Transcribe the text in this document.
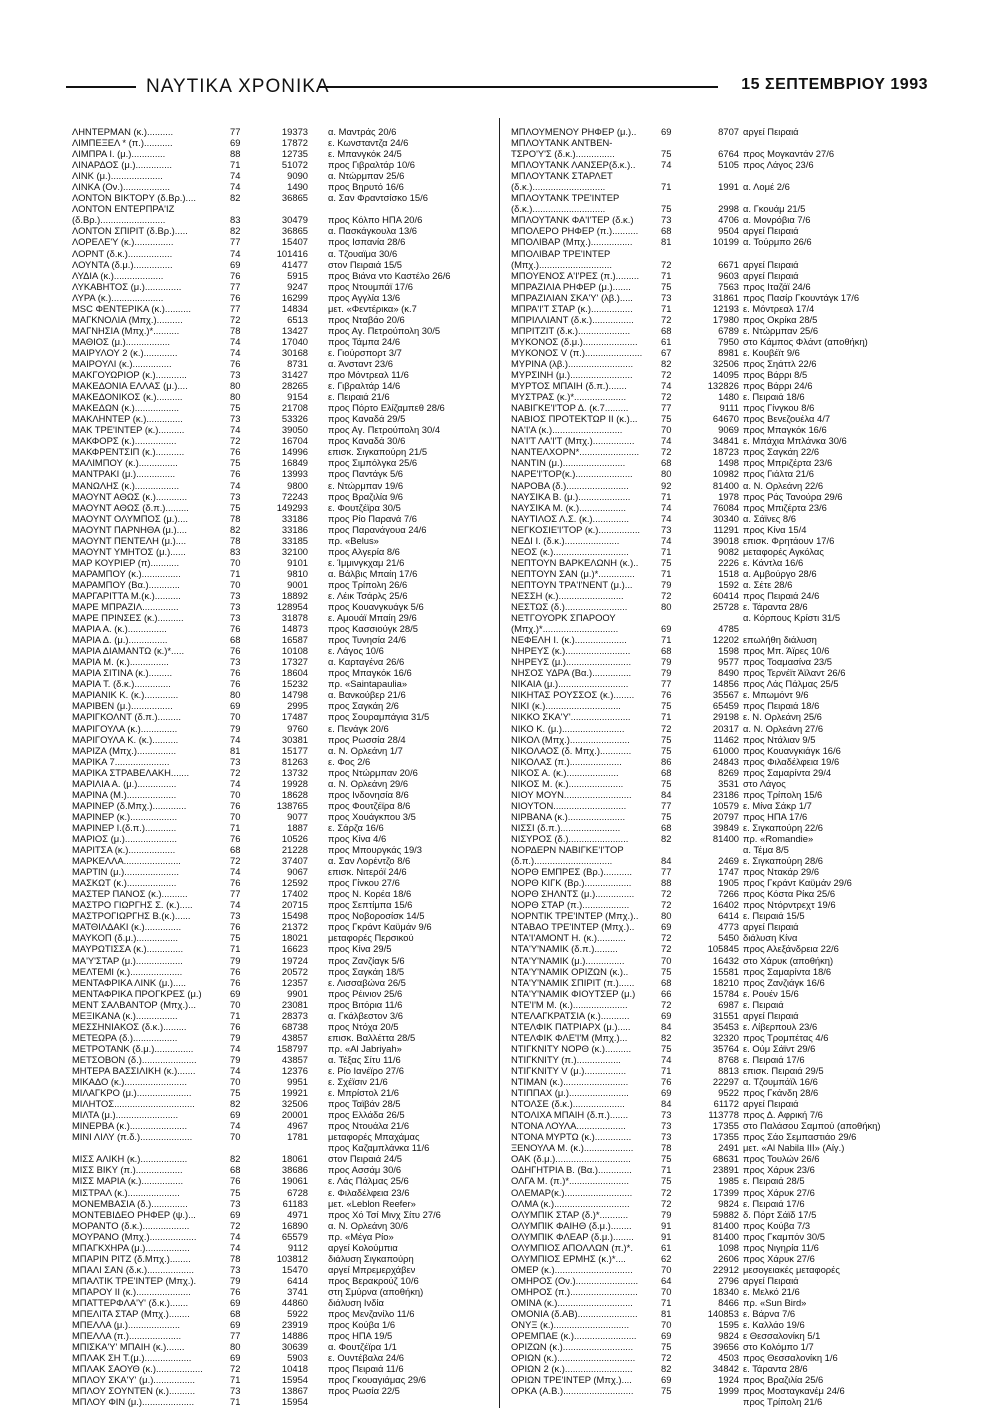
ΝΑΥΤΙΚΑ ΧΡΟΝΙΚΑ	15 ΣΕΠΤΕΜΒΡΙΟΥ 1993
ΛΗΝΤΕΡΜΑΝ (κ.)..........	77	19373 α. Μαντράς 20/6
ΛΙΜΠΕΞΕΛ * (π.)...........	69	17872 ε. Κωνσταντζα 24/6
ΛΙΜΠΡΑ Ι. (μ.).............	88	12735 ε. Μπανγκόκ 24/5
ΛΙΝΑΡΔΟΣ (μ.)..............	71	51072 προς Γιβραλτάρ 10/6
ΛΙΝΚ (μ.)....................	74	9090 α. Ντώρμπαν 25/6
ΛΙΝΚΑ (Ον.)..................	74	1490 προς Βηρυτό 16/6
ΛΟΝΤΟΝ ΒΙΚΤΟΡΥ (δ.Βρ.)....	82	36865 α. Σαν Φραντσίσκο 15/6
ΛΟΝΤΟΝ ΕΝΤΕΡΠΡΑ'ΙΖ
(δ.Βρ.).........................	83	30479 προς Κόλπο ΗΠΑ 20/6
ΛΟΝΤΟΝ ΣΠΙΡΙΤ (δ.Βρ.).....	82	36865 α. Πασκάγκουλα 13/6
ΛΟΡΕΛΕ'Υ (κ.)...............	77	15407 προς Ισπανία 28/6
ΛΟΡΝΤ (δ.κ.).................	74	101416 α. Τζουαϊμα 30/6
ΛΟΥΝΤΑ (δ.μ.)...............	69	41477 στον Πειραιά 15/5
ΛΥΔΙΑ (κ.)...................	76	5915 προς Βιάνα ντο Καστέλο 26/6
ΛΥΚΑΒΗΤΟΣ (μ.)..............	77	9247 προς Ντουμπάϊ 17/6
ΛΥΡΑ (κ.)....................	76	16299 προς Αγγλία 13/6
MSC ΦΕΝΤΕΡΙΚΑ (κ.)..........	77	14834 μετ. «Φεντέρικα» (κ.7
ΜΑΓΚΝΟΛΙΑ (Μπχ.)..........	72	6513 προς Νταβάο 20/6
ΜΑΓΝΗΣΙΑ (Μπχ.)*..........	78	13427 προς Αγ. Πετρούπολη 30/5
ΜΑΘΙΟΣ (μ.).................	74	17040 προς Τάμπα 24/6
ΜΑΙΡΥΛΟΥ 2 (κ.).............	74	30168 ε. Γιούρσπορτ 3/7
ΜΑΙΡΟΥΛΙ (κ.)...............	76	8731 α. Άνσταντ 23/6
ΜΑΚΓΟΥΩΡΙΟΡ (κ.)............	73	31427 προ Μόντρεαλ 11/6
ΜΑΚΕΔΟΝΙΑ ΕΛΛΑΣ (μ.)....	80	28265 ε. Γιβραλτάρ 14/6
ΜΑΚΕΔΟΝΙΚΟΣ (κ.)..........	80	9154 ε. Πειραιά 21/6
ΜΑΚΕΔΩΝ (κ.).................	75	21708 προς Πόρτο Ελίζαμπεθ 28/6
ΜΑΚΛΗΝΤΕΡ (κ.)..............	73	53326 προς Καναδά 29/5
ΜΑΚ ΤΡΕ'ΙΝΤΕΡ (κ.)..........	74	39050 προς Αγ. Πετρούπολη 30/4
ΜΑΚΦΟΡΣ (κ.)................	72	16704 προς Καναδά 30/6
ΜΑΚΦΡΕΝΤΣΙΠ (κ.)...........	76	14996 επισκ. Σιγκαπούρη 21/5
ΜΑΛΙΜΠΟΥ (κ.)...............	75	16849 προς Σιμπόλγκα 25/6
ΜΑΝΤΡΑΚΙ (μ.)...............	76	13993 προς Παντάγκ 5/6
ΜΑΝΩΛΗΣ (κ.).................	74	9800 ε. Ντώρμπαν 19/6
ΜΑΟΥΝΤ ΑΘΩΣ (κ.)............	73	72243 προς Βραζιλία 9/6
ΜΑΟΥΝΤ ΑΘΩΣ (δ.π.).........	75	149293 ε. Φουτζέϊρα 30/5
ΜΑΟΥΝΤ ΟΛΥΜΠΟΣ (μ.)....	78	33186 προς Ρίο Παρανά 7/6
ΜΑΟΥΝΤ ΠΑΡΝΗΘΑ (μ.)....	82	33186 προς Παρανάγουα 24/6
ΜΑΟΥΝΤ ΠΕΝΤΕΛΗ (μ.)....	78	33185 πρ. «Belus»
ΜΑΟΥΝΤ ΥΜΗΤΟΣ (μ.)......	83	32100 προς Αλγερία 8/6
ΜΑΡ ΚΟΥΡΙΕΡ (π)...........	70	9101 ε. Ίμμινγκχαμ 21/6
ΜΑΡΑΜΠΟΥ (κ.)...............	71	9810 α. Βάλβις Μπαίη 17/6
ΜΑΡΑΜΠΟΥ (Βα.)............	70	9001 προς Τρίπολη 26/6
ΜΑΡΓΑΡΙΤΤΑ Μ.(κ.)..........	73	18892 ε. Λέικ Τσάρλς 25/6
ΜΑΡΕ ΜΠΡΑΖΙΛ..............	73	128954 προς Κουανγκυάγκ 5/6
ΜΑΡΕ ΠΡΙΝΣΕΣ (κ.)..........	73	31878 ε. Αμουάϊ Μπαίη 29/6
ΜΑΡΙΑ Α. (κ.)...............	76	14873 προς Κασσιούγκ 28/5
ΜΑΡΙΑ Δ. (μ.)...............	68	16587 προς Τυνησία 24/6
ΜΑΡΙΑ ΔΙΑΜΑΝΤΩ (κ.)*.....	76	10108 ε. Λάγος 10/6
ΜΑΡΙΑ Μ. (κ.)...............	73	17327 α. Καρταγένα 26/6
ΜΑΡΙΑ ΣΙΤΙΝΑ (κ.).........	76	18604 προς Μπαγκόκ 16/6
ΜΑΡΙΑ Τ. (δ.κ.)..............	76	15232 πρ. «Saintapaulia»
ΜΑΡΙΑΝΙΚ Κ. (κ.).............	80	14798 α. Βανκούβερ 21/6
ΜΑΡΙΒΕΝ (μ.)................	69	2995 προς Σαγκάη 2/6
ΜΑΡΙΓΚΟΛΝΤ (δ.π.).........	70	17487 προς Σουραμπάγια 31/5
ΜΑΡΙΓΟΥΛΑ (κ.)..............	79	9760 ε. Πενάγκ 20/6
ΜΑΡΙΓΟΥΛΑ Κ. (κ.)..........	74	30381 προς Ρωσσία 28/4
ΜΑΡΙΖΑ (Μπχ.)...............	81	15177 α. Ν. Ορλεάνη 1/7
ΜΑΡΙΚΑ 7.....................	73	81263 ε. Φος 2/6
ΜΑΡΙΚΑ ΣΤΡΑΒΕΛΑΚΗ.......	72	13732 προς Ντώρμπαν 20/6
ΜΑΡΙΛΙΑ Α. (μ.)...............	74	19928 α. Ν. Ορλεάνη 29/6
ΜΑΡΙΝΑ (Μ.)...................	70	18628 προς Ινδονησία 8/6
ΜΑΡΙΝΕΡ (δ.Μπχ.).............	76	138765 προς Φουτζέϊρα 8/6
ΜΑΡΙΝΕΡ (κ.)..................	70	9077 προς Χουάγκπου 3/5
ΜΑΡΙΝΕΡ Ι.(δ.π.)............	71	1887 ε. Σάρζα 16/6
ΜΑΡΙΟΣ (μ.)....................	76	10526 προς Κίνα 4/6
ΜΑΡΙΤΣΑ (κ.)..................	68	21228 προς Μπουργκάς 19/3
ΜΑΡΚΕΛΛΑ......................	72	37407 α. Σαν Λορέντζο 8/6
ΜΑΡΤΙΝ (μ.).....................	74	9067 επισκ. Νιτερόϊ 24/6
ΜΑΣΚΩΤ (κ.)...................	76	12592 προς Γίνκου 27/6
ΜΑΣΤΕΡ ΠΑΝΟΣ (κ.)..........	77	17402 προς Ν. Κορέα 18/6
ΜΑΣΤΡΟ ΓΙΩΡΓΗΣ Σ. (κ.).....	74	20715 προς Σεπτίμπα 15/6
ΜΑΣΤΡΟΓΙΩΡΓΗΣ Β.(κ.)......	73	15498 προς Νοβοροσίσκ 14/5
ΜΑΤΘΙΛΔΑΚΙ (κ.)..............	76	21372 προς Γκράντ Καϋμάν 9/6
ΜΑΥΚΟΠ (δ.μ.)................	75	18021 μεταφορές Περσικού
ΜΑΥΡΩΤΙΣΣΑ (κ.)..............	71	16623 προς Κίνα 29/5
ΜΑ'Υ'ΣΤΑΡ (μ.)..................	79	19724 προς Ζανζίαγκ 5/6
ΜΕΛΤΕΜΙ (κ.)....................	76	20572 προς Σαγκάη 18/5
ΜΕΝΤΑΦΡΙΚΑ ΛΙΝΚ (μ.).....	76	12357 ε. Λισσαβώνα 26/5
ΜΕΝΤΑΦΡΙΚΑ ΠΡΟΓΚΡΕΣ (μ.)	69	9901 προς Ρέινιον 25/6
ΜΕΝΤ ΣΑΛΒΑΝΤΟΡ (Μπχ.)...	70	23081 προς Βιτόρια 11/6
ΜΕΞΙΚΑΝΑ (κ.)................	71	28373 α. Γκάλβεστον 3/6
ΜΕΣΣΗΝΙΑΚΟΣ (δ.κ.).........	76	68738 προς Ντόχα 20/5
ΜΕΤΕΩΡΑ (δ.).................	79	43857 επισκ. Βαλλέττα 28/5
ΜΕΤΡΟΤΑΝΚ (δ.μ.)...............	74	158797 πρ. «Al Jabriyah»
ΜΕΤΣΟΒΟΝ (δ.).....................	79	43857 α. Τέξας Σίτυ 11/6
ΜΗΤΕΡΑ ΒΑΣΣΙΛΙΚΗ (κ.).......	74	12376 ε. Ρίο Ιανέϊρο 27/6
ΜΙΚΑΔΟ (κ.)........................	70	9951 ε. Σχέϊσιν 21/6
ΜΙΛΑΓΚΡΟ (μ.).....................	75	19921 ε. Μπρίστολ 21/6
ΜΙΛΗΤΟΣ...............................	82	32506 προς Ταϊβάν 28/5
ΜΙΛΤΑ (μ.)........................	69	20001 προς Ελλάδα 26/5
ΜΙΝΕΡΒΑ (κ.)......................	74	4967 προς Ντουάλα 21/6
ΜΙΝΙ ΛΙΛΥ (π.δ.)....................	70	1781 μεταφορές Μπαχάμας
προς Καζαμπλάνκα 11/6
ΜΙΣΣ ΑΛΙΚΗ (κ.)..................	82	18061 στον Πειραιά 24/5
ΜΙΣΣ ΒΙΚΥ (π.)..................	68	38686 προς Ασσάμ 30/6
ΜΙΣΣ ΜΑΡΙΑ (κ.)................	76	19061 ε. Λάς Πάλμας 25/6
ΜΙΣΤΡΑΛ (κ.)....................	75	6728 ε. Φιλαδέλφεια 23/6
ΜΟΝΕΜΒΑΣΙΑ (δ.)..............	73	61183 μετ. «Leblon Reefer»
ΜΟΝΤΕΒΙΔΕΟ ΡΗΦΕΡ (ψ.)...	69	4971 προς Χό Τσί Μινχ Σίτυ 27/6
ΜΟΡΑΝΤΟ (δ.κ.)..................	72	16890 α. Ν. Ορλεάνη 30/6
ΜΟΥΡΑΝΟ (Μπχ.)..................	74	65579 πρ. «Μέγα Ρίο»
ΜΠΑΓΚΧΗΡΑ (μ.).................	74	9112 αργεί Κολούμπια
ΜΠΑΡΙΝ ΡΙΤΖ (δ.Μπχ.)........	78	103812 διάλυση Σιγκαπούρη
ΜΠΑΛΙ ΣΑΝ (δ.κ.)..................	73	15470 αργεί Μπρεμερχάβεν
ΜΠΑΛΤΙΚ ΤΡΕ'ΙΝΤΕΡ (Μπχ.).	79	6414 προς Βερακρούζ 10/6
ΜΠΑΡΟΥ ΙΙ (κ.).....................	76	3741 στη Σμύρνα (αποθήκη)
ΜΠΑΤΤΕΡΦΛΑ'Υ' (δ.κ.).......	69	44860 διάλυση Ινδία
ΜΠΕΛΙΤΑ ΣΤΑΡ (Μπχ.)........	68	5922 προς Μενζανίλο 11/6
ΜΠΕΛΛΑ (μ.)....................	69	23919 προς Κούβα 1/6
ΜΠΕΛΛΑ (π.)....................	77	14886 προς ΗΠΑ 19/5
ΜΠΙΣΚΑ'Υ' ΜΠΑΙΗ (κ.).......	80	30639 α. Φουτζέϊρα 1/1
ΜΠΛΑΚ ΣΗ Τ.(μ.)..................	69	5903 ε. Ουντέβαλα 24/6
ΜΠΛΑΚ ΣΑΟΥΘ (κ.)..................	72	10418 προς Πειραιά 11/6
ΜΠΛΟΥ ΣΚΑ'Υ' (μ.)................	71	15954 προς Γκουαγιάμας 29/6
ΜΠΛΟΥ ΣΟΥΝΤΕΝ (κ.)..........	73	13867 προς Ρωσία 22/5
ΜΠΛΟΥ ΦΙΝ (μ.)....................	71	15954
ΜΠΛΟΥΜΕΝΟΥ ΡΗΦΕΡ (μ.)..	69	8707 αργεί Πειραιά
ΜΠΛΟΥΤΑΝΚ ΑΝΤΒΕΝ-
ΤΣΡΟ'Υ'Σ (δ.κ.)...............	75	6764 προς Μογκαντάν 27/6
ΜΠΛΟΥΤΑΝΚ ΛΑΝΣΕΡ(δ.κ.)..	74	5105 προς Λάγος 23/6
ΜΠΛΟΥΤΑΝΚ ΣΤΑΡΛΕΤ
(δ.κ.)............................	71	1991 α. Λομέ 2/6
ΜΠΛΟΥΤΑΝΚ ΤΡΕ'ΙΝΤΕΡ
(δ.κ.)............................	75	2998 α. Γκουάμ 21/5
ΜΠΛΟΥΤΑΝΚ ΦΑ'Ι'ΤΕΡ (δ.κ.)	73	4706 α. Μονρόβια 7/6
ΜΠΟΛΕΡΟ ΡΗΦΕΡ (π.)..........	68	9504 αργεί Πειραιά
ΜΠΟΛΙΒΑΡ (Μπχ.)................	81	10199 α. Τούρμπο 26/6
ΜΠΟΛΙΒΑΡ ΤΡΕ'ΙΝΤΕΡ
(Μπχ.)............................	72	6671 αργεί Πειραιά
ΜΠΟΥΕΝΟΣ Α'Ι'ΡΕΣ (π.).........	71	9603 αργεί Πειραιά
ΜΠΡΑΖΙΛΙΑ ΡΗΦΕΡ (μ.).......	75	7563 προς Ιταζάϊ 24/6
ΜΠΡΑΖΙΛΙΑΝ ΣΚΑ'Υ' (λβ.).....	73	31861 προς Πασίρ Γκουντάγκ 17/6
ΜΠΡΑ'Ι'Τ ΣΤΑΡ (κ.)................	71	12193 ε. Μόντρεαλ 17/4
ΜΠΡΙΛΛΙΑΝΤ (δ.κ.)................	72	17980 προς Οκρίκα 28/5
ΜΠΡΙΤΖΙΤ (δ.κ.)....................	68	6789 ε. Ντώρμπαν 25/6
ΜΥΚΟΝΟΣ (δ.μ.).....................	61	7950 στο Κάμπος Φλάντ (αποθήκη)
ΜΥΚΟΝΟΣ V (π.)......................	67	8981 ε. Κουβέϊτ 9/6
ΜΥΡΙΝΑ (λβ.).........................	82	32506 προς Σηάττλ 22/6
ΜΥΡΣΙΝΗ (μ.)........................	72	14095 προς Βάρρι 8/5
ΜΥΡΤΟΣ ΜΠΑΙΗ (δ.π.).......	74	132826 προς Βάρρι 24/6
ΜΥΣΤΡΑΣ (κ.)*....................	72	1480 ε. Πειραιά 18/6
ΝΑΒΙΓΚΕ'Ι'ΤΟΡ Δ. (κ.7.........	77	9111 προς Γίνγκου 8/6
ΝΑΒΙΟΣ ΠΡΟΤΕΚΤΩΡ ΙΙ (κ.)...	75	64670 προς Βενεζουέλα 4/7
ΝΑ'Ι'Α (κ.)...........................	70	9069 προς Μπαγκόκ 16/6
ΝΑ'Ι'Τ ΛΑ'Ι'Τ (Μπχ.)................	74	34841 ε. Μπάχια Μπλάνκα 30/6
ΝΑΝΤΕΛΧΟΡΝ*.......................	72	18723 προς Σαγκάη 22/6
ΝΑΝΤΙΝ (μ.)........................	68	1498 προς Μπριζέρτα 23/6
ΝΑΡΕ'Ι'ΤΟΡ(κ.)......................	80	10982 προς Γιάλτα 21/6
ΝΑΡΟΒΑ (δ.)........................	92	81400 α. Ν. Ορλεάνη 22/6
ΝΑΥΣΙΚΑ Β. (μ.)....................	71	1978 προς Ράς Τανούρα 29/6
ΝΑΥΣΙΚΑ Μ. (κ.)..................	74	76084 προς Μπιζέρτα 23/6
ΝΑΥΤΙΛΟΣ Λ.Σ. (κ.)..............	74	30340 α. Σάϊνες 8/6
ΝΕΓΚΟΣΙΕ'Ι'ΤΟΡ (κ.)................	73	11291 προς Κίνα 15/4
ΝΕΔΙ Ι. (δ.κ.).....................	74	39018 επισκ. Φρητάουν 17/6
ΝΕΟΣ (κ.).............................	71	9082 μεταφορές Αγκόλας
ΝΕΠΤΟΥΝ ΒΑΡΚΕΛΩΝΗ (κ.)..	75	2226 ε. Κάντλα 16/6
ΝΕΠΤΟΥΝ ΣΑΝ (μ.)*..............	71	1518 α. Αμβούργο 28/6
ΝΕΠΤΟΥΝ ΤΡΑ'Ι'ΝΕΝΤ (μ.)...	79	1592 α. Σέτε 28/6
ΝΕΣΣΗ (κ.).........................	72	60414 προς Πειραιά 24/6
ΝΕΣΤΩΣ (δ.)........................	80	25728 ε. Τάραντα 28/6
ΝΕΤΓΟΥΟΡΚ ΣΠΑΡΟΟΥ	α. Κόρπους Κρίστι 31/5
(Μπχ.)*.............................	69	4785
ΝΕΦΕΛΗ Ι. (κ.)....................	71	12202 επωλήθη διάλυση
ΝΗΡΕΥΣ (κ.).........................	68	1598 προς Μπ. Άϊρες 10/6
ΝΗΡΕΥΣ (μ.).........................	79	9577 προς Τοαμασίνα 23/5
ΝΗΣΟΣ ΥΔΡΑ (Βα.)...............	79	8490 προς Τερνέϊτ Άϊλαντ 26/6
ΝΙΚΑΙΑ (μ.)...........................	77	14856 προς Λάς Πάλμας 25/5
ΝΙΚΗΤΑΣ ΡΟΥΣΣΟΣ (κ.)........	76	35567 ε. Μπωμόντ 9/6
ΝΙΚΙ (κ.).............................	75	65459 προς Πειραιά 18/6
ΝΙΚΚΟ ΣΚΑ'Υ'.......................	71	29198 ε. Ν. Ορλεάνη 25/6
ΝΙΚΟ Κ. (μ.)........................	72	20317 α. Ν. Ορλεάνη 27/6
ΝΙΚΟΛ (Μπχ.).......................	75	11462 προς Ντάλιαν 9/5
ΝΙΚΟΛΑΟΣ (δ. Μπχ.)............	75	61000 προς Κουανγκιάγκ 16/6
ΝΙΚΟΛΑΣ (π.)....................	86	24843 προς Φιλαδέλφεια 19/6
ΝΙΚΟΣ Α. (κ.)....................	68	8269 προς Σαμαρίντα 29/4
ΝΙΚΟΣ Μ. (κ.).....................	75	3531 στο Λάγος
ΝΙΟΥ ΜΟΥΝ..........................	84	23186 προς Τρίπολη 15/6
ΝΙΟΥΤΟΝ............................	77	10579 ε. Μίνα Σάκρ 1/7
ΝΙΡΒΑΝΑ (κ.)......................	75	20797 προς ΗΠΑ 17/6
ΝΙΣΣΙ (δ.π.).......................	68	39849 ε. Σιγκαπούρη 22/6
ΝΙΣΥΡΟΣ (δ.).......................	82	81400 πρ. «Romandie»
ΝΟΡΔΕΡΝ ΝΑΒΙΓΚΕ'Ι'ΤΟΡ	α. Τέμα 8/5
(δ.π.)..............................	84	2469 ε. Σιγκαπούρη 28/6
ΝΟΡΘ ΕΜΠΡΕΣ (Βρ.)...........	77	1747 προς Ντακάρ 29/6
ΝΟΡΘ ΚΙΓΚ (Βρ.)..................	88	1905 προς Γκράντ Καϋμάν 29/6
ΝΟΡΘ ΣΗΛΝΤΣ (μ.)...............	72	7266 προς Κόστα Ρίκα 25/6
ΝΟΡΘ ΣΤΑΡ (π.)..................	72	16402 προς Ντόρντρεχτ 19/6
ΝΟΡΝΤΙΚ ΤΡΕ'ΙΝΤΕΡ (Μπχ.)..	80	6414 ε. Πειραιά 15/5
ΝΤΑΒΑΟ ΤΡΕ'ΙΝΤΕΡ (Μπχ.)..	69	4773 αργεί Πειραιά
ΝΤΑ'Ι'ΑΜΟΝΤ Η. (κ.)...........	72	5450 διάλυση Κίνα
ΝΤΑ'Υ'ΝΑΜΙΚ (δ.π.).........	72	105845 προς Αλεξάνδρεια 22/6
ΝΤΑ'Υ'ΝΑΜΙΚ (μ.)...............	70	16432 στο Χάρυκ (αποθήκη)
ΝΤΑ'Υ'ΝΑΜΙΚ ΟΡΙΖΩΝ (κ.)..	75	15581 προς Σαμαρίντα 18/6
ΝΤΑ'Υ'ΝΑΜΙΚ ΣΠΙΡΙΤ (π.)......	68	18210 προς Ζανζιάγκ 16/6
ΝΤΑ'Υ'ΝΑΜΙΚ ΦΙΟΥΤΣΕΡ (μ.)	66	15784 ε. Ρουέν 15/6
ΝΤΕ'Ι'Μ Μ. (κ.).....................	72	6987 ε. Πειραιά
ΝΤΕΛΑΓΚΡΑΤΣΙΑ (κ.)...........	69	31551 αργεί Πειραιά
ΝΤΕΛΦΙΚ ΠΑΤΡΙΑΡΧ (μ.).....	84	35453 ε. Λίβερπουλ 23/6
ΝΤΕΛΦΙΚ ΦΛΕ'Ι'Μ (Μπχ.)...	82	32320 προς Τρομπέτας 4/6
ΝΤΙΓΚΝΙΤΥ ΝΟΡΘ (κ.)..........	75	35764 ε. Ούμ Σάϊντ 29/6
ΝΤΙΓΚΝΙΤΥ (π.).................	74	8768 ε. Πειραιά 17/6
ΝΤΙΓΚΝΙΤΥ V (μ.)................	71	8813 επισκ. Πειραιά 29/5
ΝΤΙΜΑΝ (κ.).........................	76	22297 α. Τζουμπάϊλ 16/6
ΝΤΙΠΠΑΧ (μ.).......................	69	9522 προς Γκάνδη 28/6
ΝΤΟΛΣΕ (δ.κ.)....................	84	61172 αργεί Πειραιά
ΝΤΟΛΙΧΑ ΜΠΑΙΗ (δ.π.).......	73	113778 προς Δ. Αφρική 7/6
ΝΤΟΝΑ ΛΟΥΛΑ...................	73	17355 στο Παλάσου Σαμπού (αποθήκη)
ΝΤΟΝΑ ΜΥΡΤΩ (κ.)..............	73	17355 προς Σάο Σεμπαστιάο 29/6
ΞΕΝΟΥΛΑ Μ. (κ.)...................	78	2491 μετ. «Al Nabila III» (Αίγ.)
ΟΑΚ (δ.μ.).............................	75	68631 προς Τουλών 26/6
ΟΔΗΓΗΤΡΙΑ Β. (Βα.).............	71	23891 προς Χάρυκ 23/6
ΟΛΓΑ Μ. (π.)*.......................	75	1985 ε. Πειραιά 28/5
ΟΛΕΜΑΡ(κ.)..........................	72	17399 προς Χάρυκ 27/6
ΟΛΜΑ (κ.).............................	72	9824 ε. Πειραιά 17/6
ΟΛΥΜΠΙΚ ΣΤΑΡ (δ.)*...........	79	59882 δ. Πόρτ Σάϊδ 17/5
ΟΛΥΜΠΙΚ ΦΑΙΗΘ (δ.μ.)........	91	81400 προς Κούβα 7/3
ΟΛΥΜΠΙΚ ΦΛΕΑΡ (δ.μ.)........	91	81400 προς Γκαμπόν 30/5
ΟΛΥΜΠΙΟΣ ΑΠΟΛΛΩΝ (π.)*.	61	1098 προς Νιγηρία 11/6
ΟΛΥΜΠΙΟΣ ΕΡΜΗΣ (κ.)*....	62	2606 προς Χάρυκ 27/6
ΟΜΕΡ (κ.)..............................	70	22912 μεσογειακές μεταφορές
ΟΜΗΡΟΣ (Ον.)........................	64	2796 αργεί Πειραιά
ΟΜΗΡΟΣ (π.)..........................	70	18340 ε. Μελκό 21/6
ΟΜΙΝΑ (κ.).............................	71	8466 πρ. «Sun Bird»
ΟΜΟΝΙΑ (δ.ΑΒ).......................	81	140853 ε. Βάρνα 7/6
ΟΝΥΞ (κ.).............................	70	1595 ε. Καλλάο 19/6
ΟΡΕΜΠΑΕ (κ.)........................	69	9824 ε Θεσσαλονίκη 5/1
ΟΡΙΖΩΝ (κ.)...........................	75	39656 στο Κολόμπο 1/7
ΟΡΙΩΝ (κ.)..............................	72	4503 προς Θεσσαλονίκη 1/6
ΟΡΙΩΝ 2 (κ.)..........................	82	34842 ε. Τάραντα 28/6
ΟΡΙΩΝ ΤΡΕ'ΙΝΤΕΡ (Μπχ.)....	69	1924 προς Βραζιλία 25/6
ΟΡΚΑ (Α.Β.)...........................	75	1999 προς Μοσταγκανέμ 24/6
προς Τρίπολη 21/6
